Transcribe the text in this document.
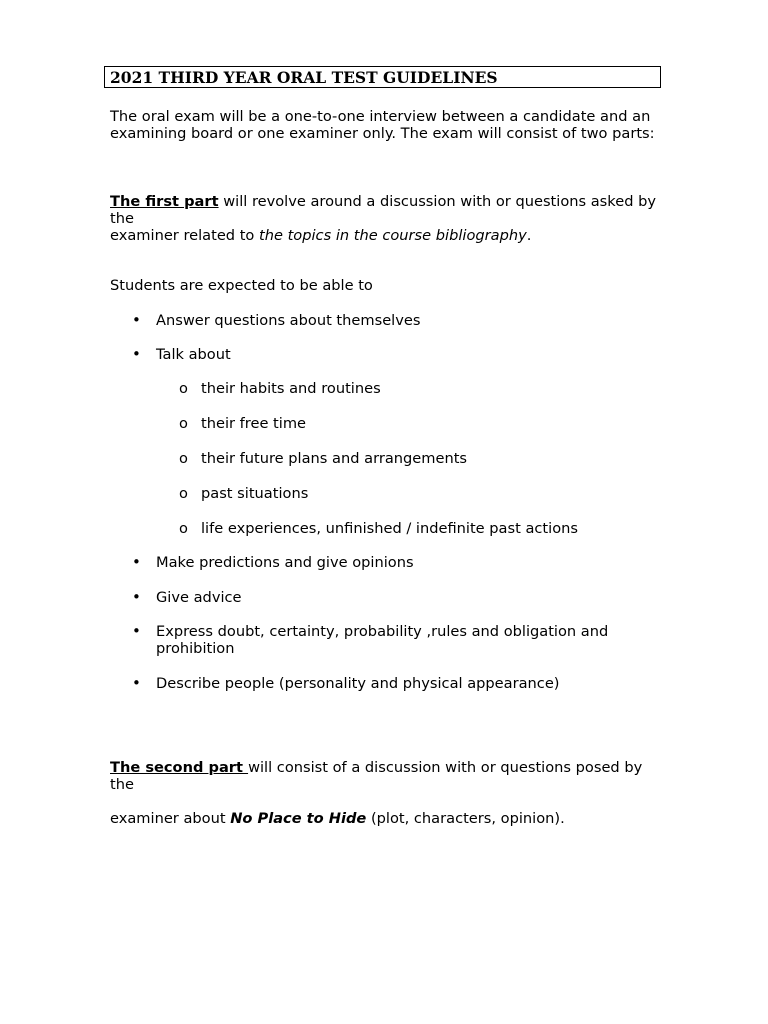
2021 THIRD YEAR ORAL TEST GUIDELINES
The oral exam will be a one-to-one interview between a candidate and an examining board or one examiner only. The exam will consist of two parts:
The first part will revolve around a discussion with or questions asked by the
examiner related to the topics in the course bibliography.
Students are expected to be able to
• Answer questions about themselves
• Talk about
o their habits and routines
o their free time
o their future plans and arrangements
o past situations
o life experiences, unfinished / indefinite past actions
• Make predictions and give opinions
• Give advice
• Express doubt, certainty, probability ,rules and obligation and prohibition
• Describe people (personality and physical appearance)
The second part will consist of a discussion with or questions posed by the
examiner about No Place to Hide (plot, characters, opinion).
